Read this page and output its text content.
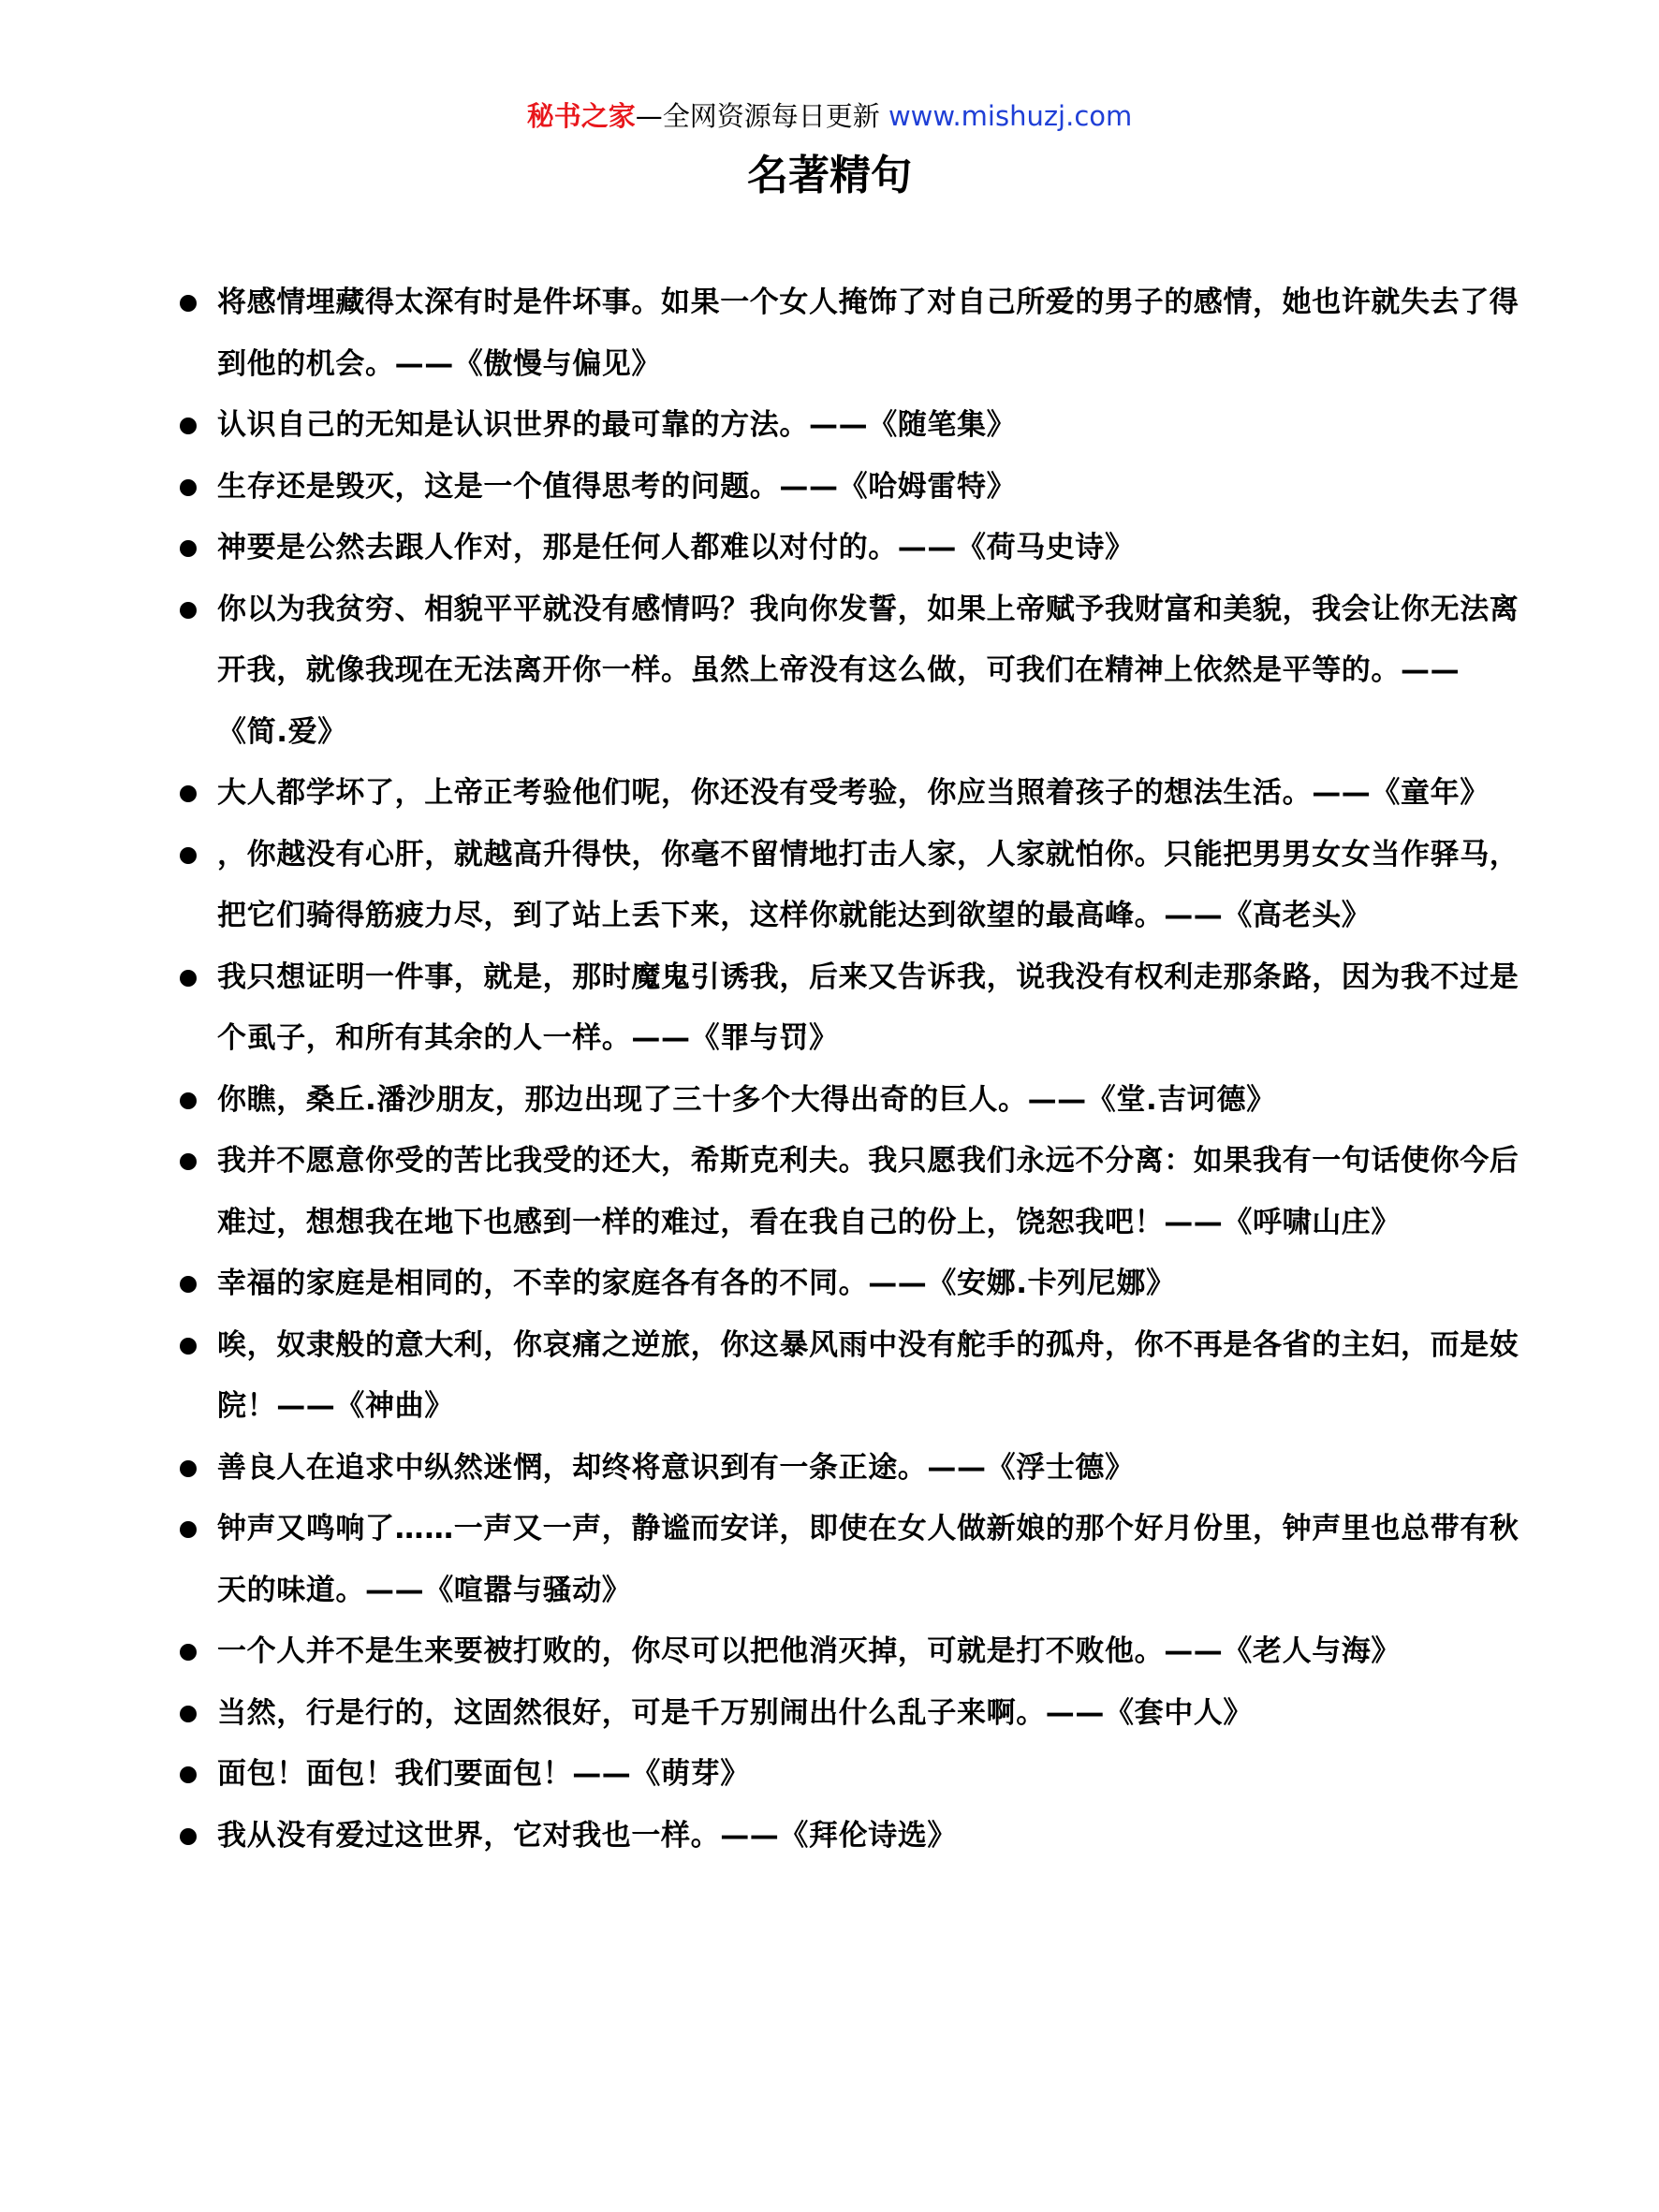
秘书之家—全网资源每日更新 www.mishuzj.com
名著精句
将感情埋藏得太深有时是件坏事。如果一个女人掩饰了对自己所爱的男子的感情，她也许就失去了得到他的机会。——《傲慢与偏见》
认识自己的无知是认识世界的最可靠的方法。——《随笔集》
生存还是毁灭，这是一个值得思考的问题。——《哈姆雷特》
神要是公然去跟人作对，那是任何人都难以对付的。——《荷马史诗》
你以为我贫穷、相貌平平就没有感情吗？我向你发誓，如果上帝赋予我财富和美貌，我会让你无法离开我，就像我现在无法离开你一样。虽然上帝没有这么做，可我们在精神上依然是平等的。——《简.爱》
大人都学坏了，上帝正考验他们呢，你还没有受考验，你应当照着孩子的想法生活。——《童年》
，你越没有心肝，就越高升得快，你毫不留情地打击人家，人家就怕你。只能把男男女女当作驿马，把它们骑得筋疲力尽，到了站上丢下来，这样你就能达到欲望的最高峰。——《高老头》
我只想证明一件事，就是，那时魔鬼引诱我，后来又告诉我，说我没有权利走那条路，因为我不过是个虱子，和所有其余的人一样。——《罪与罚》
你瞧，桑丘.潘沙朋友，那边出现了三十多个大得出奇的巨人。——《堂.吉诃德》
我并不愿意你受的苦比我受的还大，希斯克利夫。我只愿我们永远不分离：如果我有一句话使你今后难过，想想我在地下也感到一样的难过，看在我自己的份上，饶恕我吧！——《呼啸山庄》
幸福的家庭是相同的，不幸的家庭各有各的不同。——《安娜.卡列尼娜》
唉，奴隶般的意大利，你哀痛之逆旅，你这暴风雨中没有舵手的孤舟，你不再是各省的主妇，而是妓院！——《神曲》
善良人在追求中纵然迷惘，却终将意识到有一条正途。——《浮士德》
钟声又鸣响了……一声又一声，静谧而安详，即使在女人做新娘的那个好月份里，钟声里也总带有秋天的味道。——《喧嚣与骚动》
一个人并不是生来要被打败的，你尽可以把他消灭掉，可就是打不败他。——《老人与海》
当然，行是行的，这固然很好，可是千万别闹出什么乱子来啊。——《套中人》
面包！面包！我们要面包！——《萌芽》
我从没有爱过这世界，它对我也一样。——《拜伦诗选》
